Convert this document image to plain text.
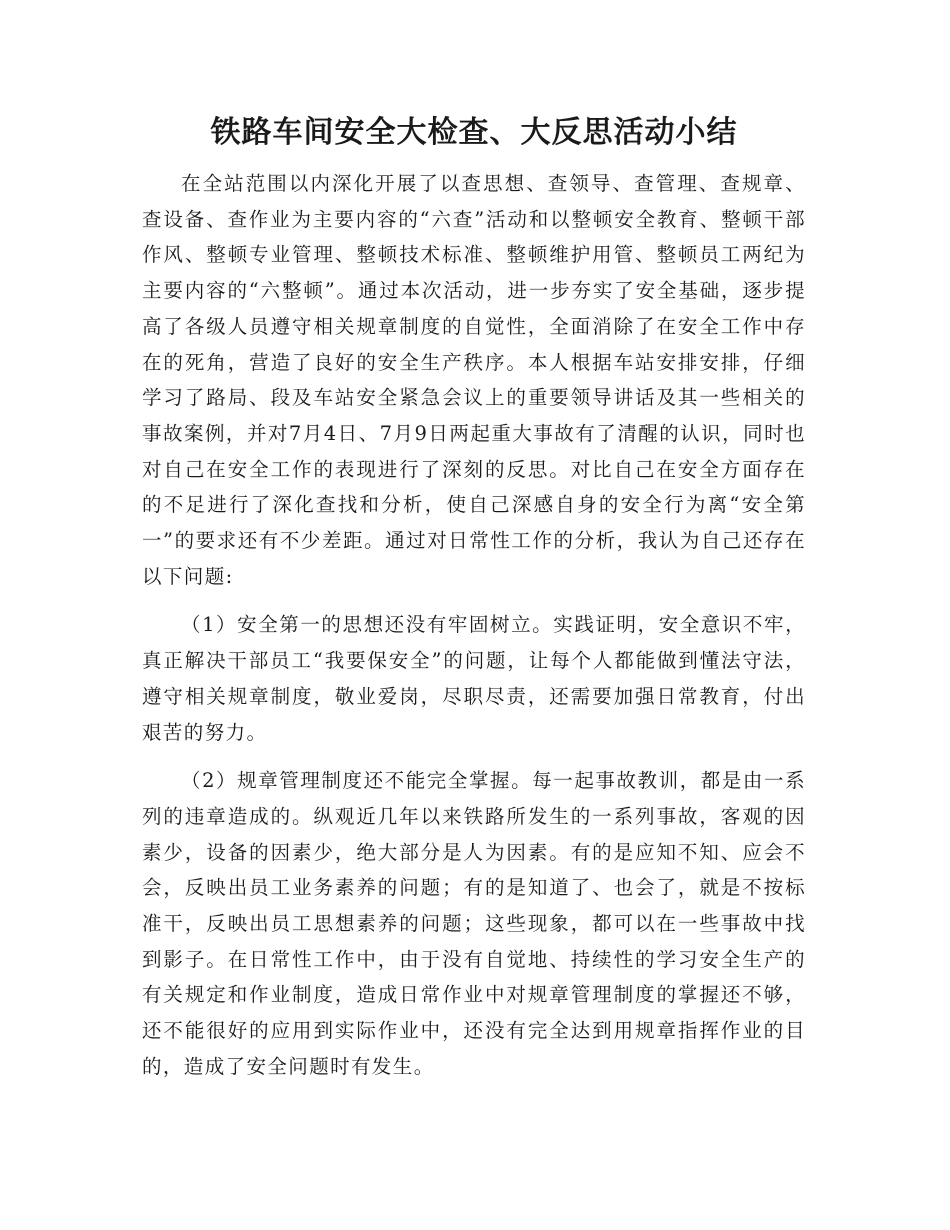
铁路车间安全大检查、大反思活动小结

在全站范围以内深化开展了以查思想、查领导、查管理、查规章、查设备、查作业为主要内容的“六查”活动和以整顿安全教育、整顿干部作风、整顿专业管理、整顿技术标准、整顿维护用管、整顿员工两纪为主要内容的“六整顿”。通过本次活动，进一步夯实了安全基础，逐步提高了各级人员遵守相关规章制度的自觉性，全面消除了在安全工作中存在的死角，营造了良好的安全生产秩序。本人根据车站安排安排，仔细学习了路局、段及车站安全紧急会议上的重要领导讲话及其一些相关的事故案例，并对7月4日、7月9日两起重大事故有了清醒的认识，同时也对自己在安全工作的表现进行了深刻的反思。对比自己在安全方面存在的不足进行了深化查找和分析，使自己深感自身的安全行为离“安全第一”的要求还有不少差距。通过对日常性工作的分析，我认为自己还存在以下问题:

（1）安全第一的思想还没有牢固树立。实践证明，安全意识不牢，真正解决干部员工“我要保安全”的问题，让每个人都能做到懂法守法，遵守相关规章制度，敬业爱岗，尽职尽责，还需要加强日常教育，付出艰苦的努力。

（2）规章管理制度还不能完全掌握。每一起事故教训，都是由一系列的违章造成的。纵观近几年以来铁路所发生的一系列事故，客观的因素少，设备的因素少，绝大部分是人为因素。有的是应知不知、应会不会，反映出员工业务素养的问题；有的是知道了、也会了，就是不按标准干，反映出员工思想素养的问题；这些现象，都可以在一些事故中找到影子。在日常性工作中，由于没有自觉地、持续性的学习安全生产的有关规定和作业制度，造成日常作业中对规章管理制度的掌握还不够，还不能很好的应用到实际作业中，还没有完全达到用规章指挥作业的目的，造成了安全问题时有发生。
